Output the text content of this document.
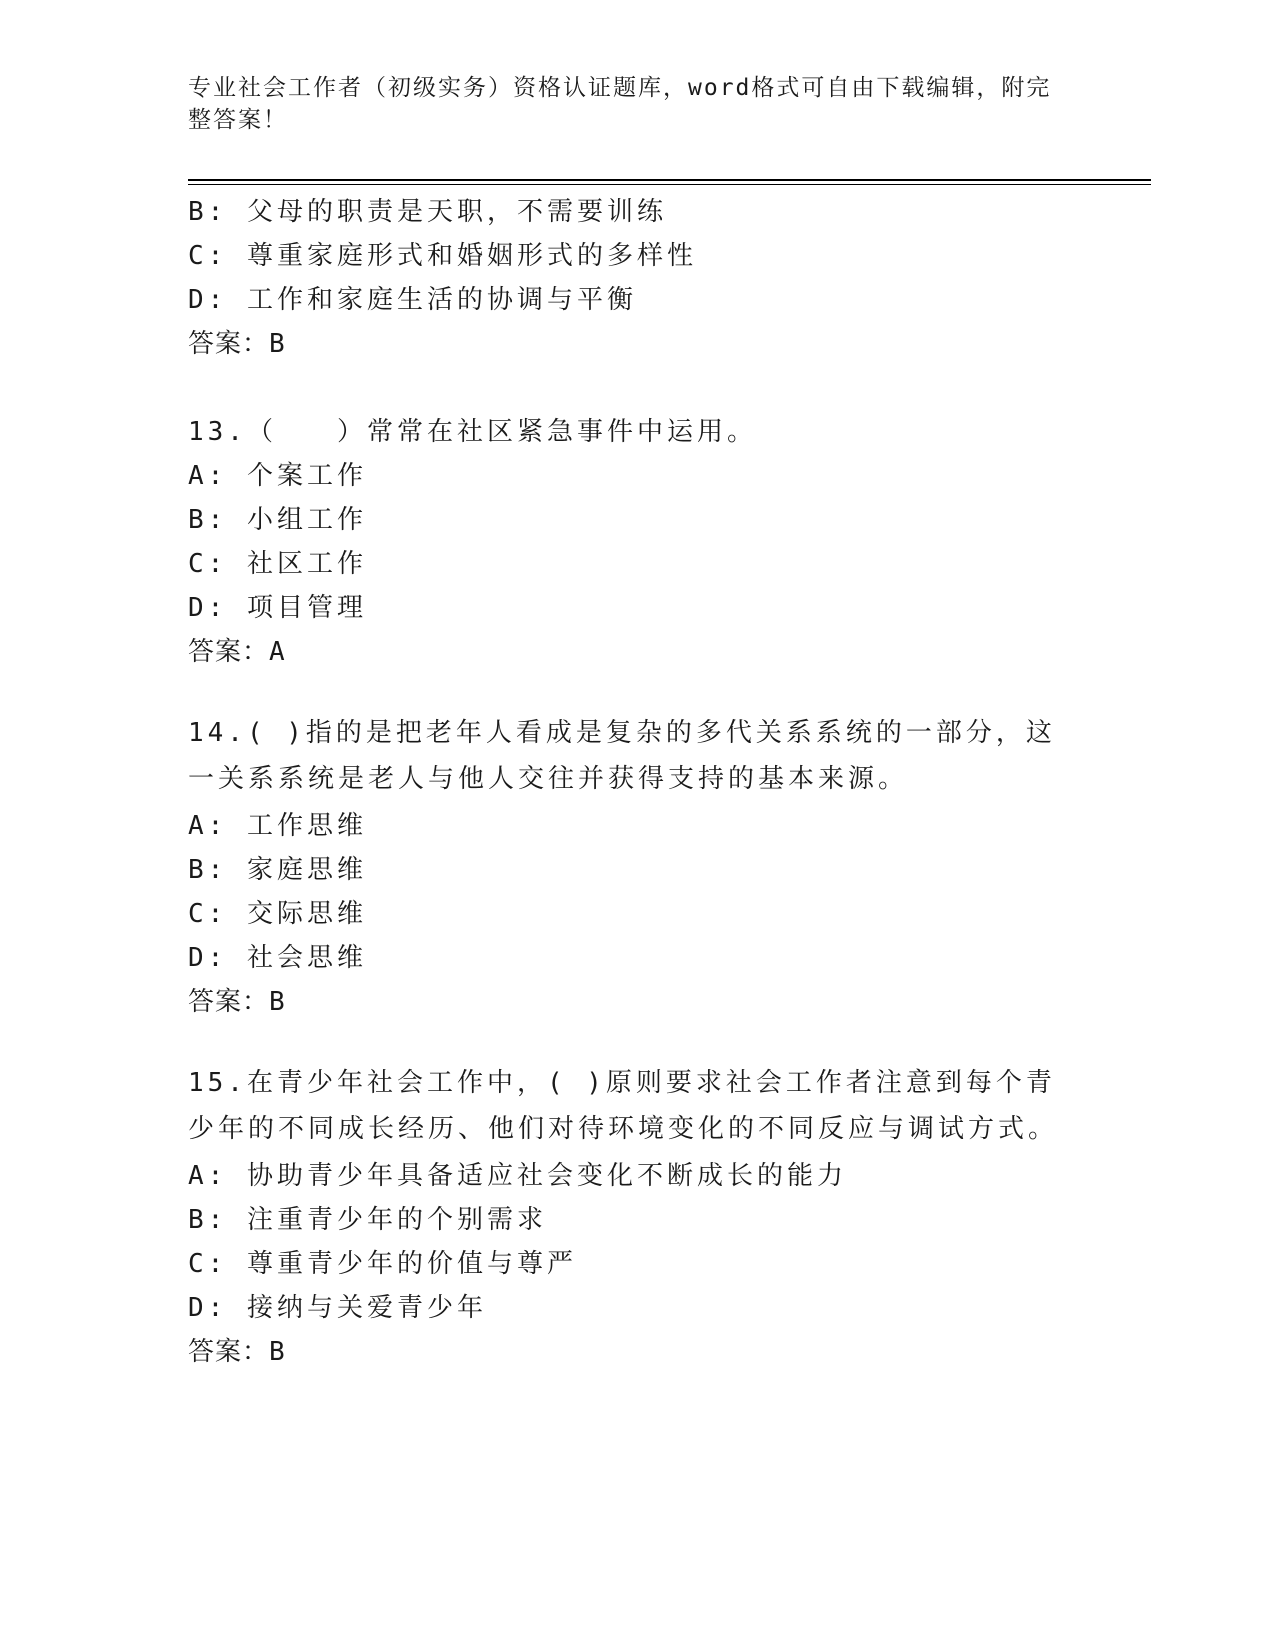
专业社会工作者（初级实务）资格认证题库，word格式可自由下载编辑，附完整答案！
B: 父母的职责是天职，不需要训练
C: 尊重家庭形式和婚姻形式的多样性
D: 工作和家庭生活的协调与平衡
答案：B
13.（　　）常常在社区紧急事件中运用。
A: 个案工作
B: 小组工作
C: 社区工作
D: 项目管理
答案：A
14.( )指的是把老年人看成是复杂的多代关系系统的一部分，这一关系系统是老人与他人交往并获得支持的基本来源。
A: 工作思维
B: 家庭思维
C: 交际思维
D: 社会思维
答案：B
15.在青少年社会工作中，( )原则要求社会工作者注意到每个青少年的不同成长经历、他们对待环境变化的不同反应与调试方式。
A: 协助青少年具备适应社会变化不断成长的能力
B: 注重青少年的个别需求
C: 尊重青少年的价值与尊严
D: 接纳与关爱青少年
答案：B
